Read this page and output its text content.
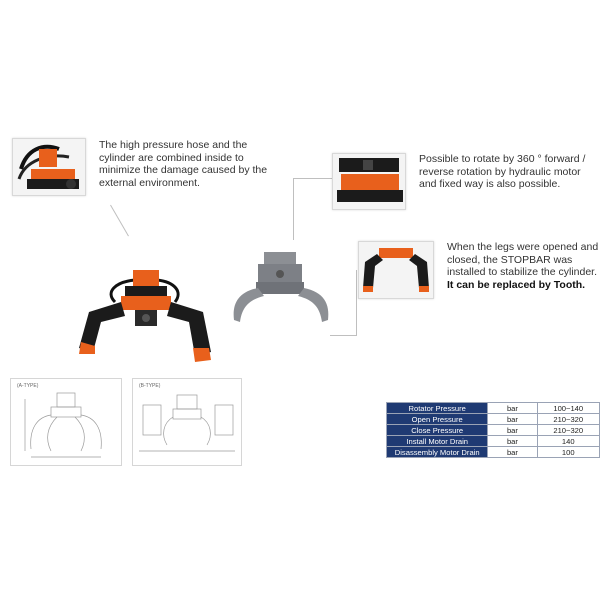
The high pressure hose and the cylinder are combined inside to minimize the damage caused by the external environment.
Possible to rotate by 360 ° forward / reverse rotation by hydraulic motor and fixed way is also possible.
When the legs were opened and closed, the STOPBAR was installed to stabilize the cylinder. It can be replaced by Tooth.
(A-TYPE)	(B-TYPE)
Rotator Pressure	bar	100~140
Open Pressure	bar	210~320
Close Pressure	bar	210~320
Install Motor Drain	bar	140
Disassembly Motor Drain	bar	100
